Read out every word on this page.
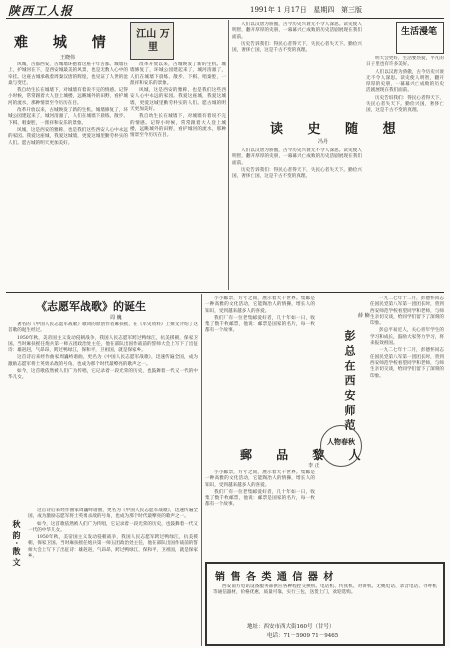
陕西工人报	1991年 1 月17日 星期四 第三版
难 城 情
王晓伟

风城，古都西安，古城墙环抱着这座千年古都。城墙在上，护城河在下，是西安城最美的风景，也是无数人心中的牵挂。这座古城承载着周秦汉唐的辉煌，也见证了人世的沧桑与变迁。

我自幼生长在城墙下，对城墙有着说不完的情感。记得小时候，常常跟着大人登上城楼，远眺城外的田野，看护城河的流水，那种情景至今历历在目。

改革开放以来，古城焕发了新的生机。城墙修复了，环城公园建起来了，城河清澈了，人们在城墙下晨练、散步、下棋、唱秦腔，一派祥和安乐的景象。

风城，这是西安的雅称，也是我们这些西安人心中永远的家园。我爱这座城，我爱这城墙，更爱这城里勤劳朴实的人们。愿古城的明天更加美好。

江山 万里

改革开放以来，古城焕发了新的生机。城墙修复了，环城公园建起来了，城河清澈了，人们在城墙下晨练、散步、下棋、唱秦腔，一派祥和安乐的景象。

风城，这是西安的雅称，也是我们这些西安人心中永远的家园。我爱这座城，我爱这城墙，更爱这城里勤劳朴实的人们。愿古城的明天更加美好。

我自幼生长在城墙下，对城墙有着说不完的情感。记得小时候，常常跟着大人登上城楼，远眺城外的田野，看护城河的流水，那种情景至今历历在目。

人们以汉唐为骄傲，古今历史兴衰无不令人深思。读史使人明智，翻开厚厚的史册，一幕幕兴亡成败的历史活剧展现在我们面前。

历史告诉我们：得民心者得天下，失民心者失天下。勤俭兴国，奢侈亡国，这是千古不变的真理。

读 史 随 想
冯丹

人们以汉唐为骄傲，古今历史兴衰无不令人深思。读史使人明智，翻开厚厚的史册，一幕幕兴亡成败的历史活剧展现在我们面前。

历史告诉我们：得民心者得天下，失民心者失天下。勤俭兴国，奢侈亡国，这是千古不变的真理。

生活漫笔

明天会更好，生活要热爱，平凡的日子里也有许多美好。

人们以汉唐为骄傲，古今历史兴衰无不令人深思。读史使人明智，翻开厚厚的史册，一幕幕兴亡成败的历史活剧展现在我们面前。

历史告诉我们：得民心者得天下，失民心者失天下。勤俭兴国，奢侈亡国，这是千古不变的真理。

《志愿军战歌》的诞生
周 巍

著名的《中国人民志愿军战歌》歌词的原创作者麻扶摇，在《军史资料》上撰文介绍了这首歌的诞生经过。

1950年秋，美帝国主义发动侵朝战争，我国人民志愿军跨过鸭绿江，抗美援朝，保家卫国。当时麻扶摇任炮兵第一师五团政治处主任，他在部队出国作战前的誓师大会上写下了出征诗：雄赳赳，气昂昂，跨过鸭绿江，保和平，卫祖国，就是保家乡。

这首诗后来经作曲家周巍峙谱曲，更名为《中国人民志愿军战歌》，迅速传遍全国，成为激励志愿军将士英勇杀敌的号角，也成为那个时代最嘹亮的歌声之一。

如今，这首歌依然被人们广为传唱，它记录着一段光荣的历史，也鼓舞着一代又一代的中华儿女。

秋 韵 · 散 文

这首诗后来经作曲家周巍峙谱曲，更名为《中国人民志愿军战歌》，迅速传遍全国，成为激励志愿军将士英勇杀敌的号角，也成为那个时代最嘹亮的歌声之一。

如今，这首歌依然被人们广为传唱，它记录着一段光荣的历史，也鼓舞着一代又一代的中华儿女。

1950年秋，美帝国主义发动侵朝战争，我国人民志愿军跨过鸭绿江，抗美援朝，保家卫国。当时麻扶摇任炮兵第一师五团政治处主任，他在部队出国作战前的誓师大会上写下了出征诗：雄赳赳，气昂昂，跨过鸭绿江，保和平，卫祖国，就是保家乡。

小小邮票，方寸之间，展示着大千世界。集邮是一种高雅的文化活动，它能陶冶人的情操，增长人的知识，受到越来越多人的喜爱。

我们厂有一位老集邮爱好者，几十年如一日，收集了数千枚邮票，他说：邮票是国家的名片，每一枚都有一个故事。

郵 品 黎 人
李 正

小小邮票，方寸之间，展示着大千世界。集邮是一种高雅的文化活动，它能陶冶人的情操，增长人的知识，受到越来越多人的喜爱。

我们厂有一位老集邮爱好者，几十年如一日，收集了数千枚邮票，他说：邮票是国家的名片，每一枚都有一个故事。

彭 总 在 西 安 师 范
薛 楠

一九二七年十二月，彭德怀同志任国民党第八军第一团团长时，曾到西安师范学校看望同学和老师，与师生亲切交谈，给同学们留下了深刻的印象。

彭总平易近人，关心青年学生的学习和成长，鼓励大家努力学习，将来报效祖国。

一九二七年十二月，彭德怀同志任国民党第八军第一团团长时，曾到西安师范学校看望同学和老师，与师生亲切交谈，给同学们留下了深刻的印象。

人物春秋
销 售 各 类 通 信 器 材

西安南方电讯设备服务部供应各种程控交换机、电话机、传真机、对讲机、无绳电话、录音电话、寻呼机等通信器材，价格优惠，质量可靠，实行三包，送货上门，欢迎选购。

地址：西安市西大街160号（甘号）
电话：71－5909 71－9465
